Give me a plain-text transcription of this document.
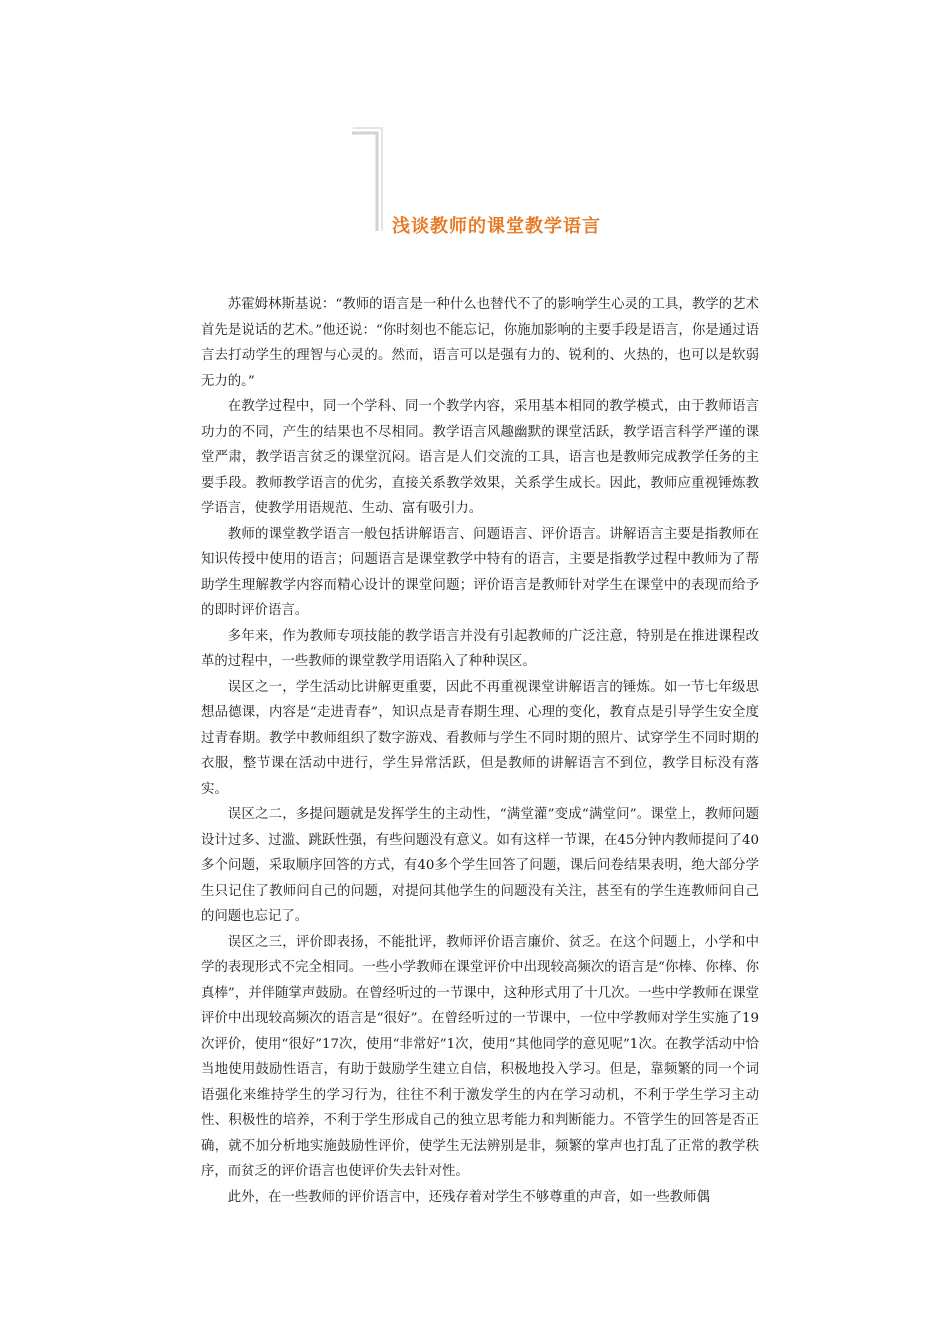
浅谈教师的课堂教学语言

苏霍姆林斯基说：“教师的语言是一种什么也替代不了的影响学生心灵的工具，教学的艺术首先是说话的艺术。”他还说：“你时刻也不能忘记，你施加影响的主要手段是语言，你是通过语言去打动学生的理智与心灵的。然而，语言可以是强有力的、锐利的、火热的，也可以是软弱无力的。”

在教学过程中，同一个学科、同一个教学内容，采用基本相同的教学模式，由于教师语言功力的不同，产生的结果也不尽相同。教学语言风趣幽默的课堂活跃，教学语言科学严谨的课堂严肃，教学语言贫乏的课堂沉闷。语言是人们交流的工具，语言也是教师完成教学任务的主要手段。教师教学语言的优劣，直接关系教学效果，关系学生成长。因此，教师应重视锤炼教学语言，使教学用语规范、生动、富有吸引力。

教师的课堂教学语言一般包括讲解语言、问题语言、评价语言。讲解语言主要是指教师在知识传授中使用的语言；问题语言是课堂教学中特有的语言，主要是指教学过程中教师为了帮助学生理解教学内容而精心设计的课堂问题；评价语言是教师针对学生在课堂中的表现而给予的即时评价语言。

多年来，作为教师专项技能的教学语言并没有引起教师的广泛注意，特别是在推进课程改革的过程中，一些教师的课堂教学用语陷入了种种误区。

误区之一，学生活动比讲解更重要，因此不再重视课堂讲解语言的锤炼。如一节七年级思想品德课，内容是“走进青春”，知识点是青春期生理、心理的变化，教育点是引导学生安全度过青春期。教学中教师组织了数字游戏、看教师与学生不同时期的照片、试穿学生不同时期的衣服，整节课在活动中进行，学生异常活跃，但是教师的讲解语言不到位，教学目标没有落实。

误区之二，多提问题就是发挥学生的主动性，“满堂灌”变成“满堂问”。课堂上，教师问题设计过多、过滥、跳跃性强，有些问题没有意义。如有这样一节课，在45分钟内教师提问了40多个问题，采取顺序回答的方式，有40多个学生回答了问题，课后问卷结果表明，绝大部分学生只记住了教师问自己的问题，对提问其他学生的问题没有关注，甚至有的学生连教师问自己的问题也忘记了。

误区之三，评价即表扬，不能批评，教师评价语言廉价、贫乏。在这个问题上，小学和中学的表现形式不完全相同。一些小学教师在课堂评价中出现较高频次的语言是“你棒、你棒、你真棒”，并伴随掌声鼓励。在曾经听过的一节课中，这种形式用了十几次。一些中学教师在课堂评价中出现较高频次的语言是“很好”。在曾经听过的一节课中，一位中学教师对学生实施了19次评价，使用“很好”17次，使用“非常好”1次，使用“其他同学的意见呢”1次。在教学活动中恰当地使用鼓励性语言，有助于鼓励学生建立自信，积极地投入学习。但是，靠频繁的同一个词语强化来维持学生的学习行为，往往不利于激发学生的内在学习动机，不利于学生学习主动性、积极性的培养，不利于学生形成自己的独立思考能力和判断能力。不管学生的回答是否正确，就不加分析地实施鼓励性评价，使学生无法辨别是非，频繁的掌声也打乱了正常的教学秩序，而贫乏的评价语言也使评价失去针对性。

此外，在一些教师的评价语言中，还残存着对学生不够尊重的声音，如一些教师偶
